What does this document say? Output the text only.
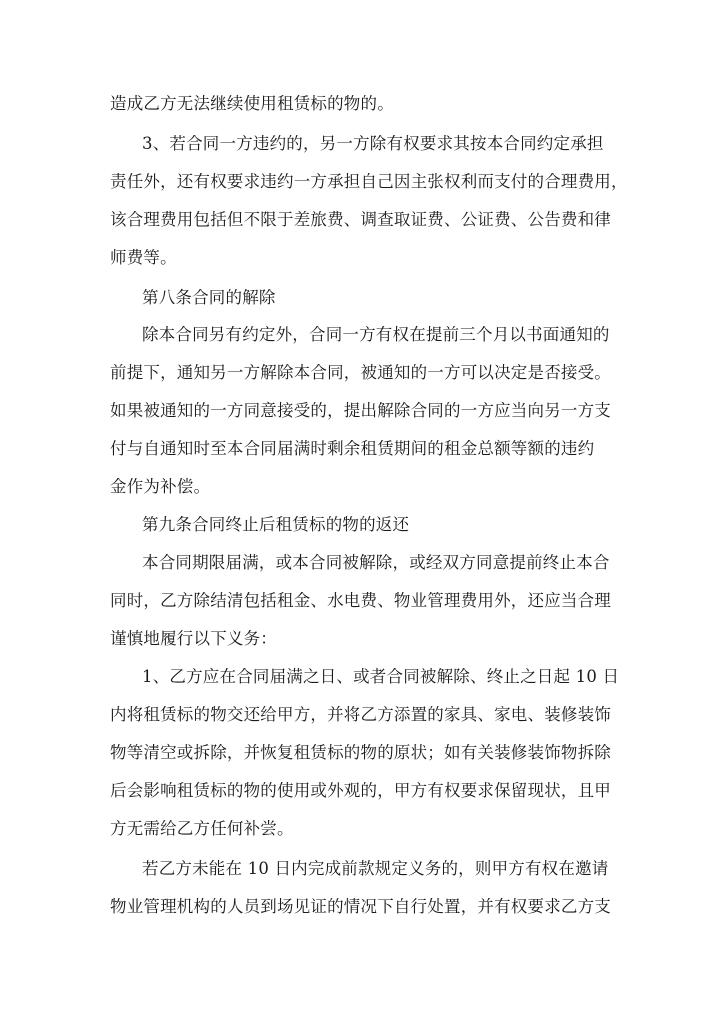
造成乙方无法继续使用租赁标的物的。
3、若合同一方违约的，另一方除有权要求其按本合同约定承担
责任外，还有权要求违约一方承担自己因主张权利而支付的合理费用，
该合理费用包括但不限于差旅费、调查取证费、公证费、公告费和律
师费等。
第八条合同的解除
除本合同另有约定外，合同一方有权在提前三个月以书面通知的
前提下，通知另一方解除本合同，被通知的一方可以决定是否接受。
如果被通知的一方同意接受的，提出解除合同的一方应当向另一方支
付与自通知时至本合同届满时剩余租赁期间的租金总额等额的违约
金作为补偿。
第九条合同终止后租赁标的物的返还
本合同期限届满，或本合同被解除，或经双方同意提前终止本合
同时，乙方除结清包括租金、水电费、物业管理费用外，还应当合理
谨慎地履行以下义务：
1、乙方应在合同届满之日、或者合同被解除、终止之日起 10 日
内将租赁标的物交还给甲方，并将乙方添置的家具、家电、装修装饰
物等清空或拆除，并恢复租赁标的物的原状；如有关装修装饰物拆除
后会影响租赁标的物的使用或外观的，甲方有权要求保留现状，且甲
方无需给乙方任何补尝。
若乙方未能在 10 日内完成前款规定义务的，则甲方有权在邀请
物业管理机构的人员到场见证的情况下自行处置，并有权要求乙方支
